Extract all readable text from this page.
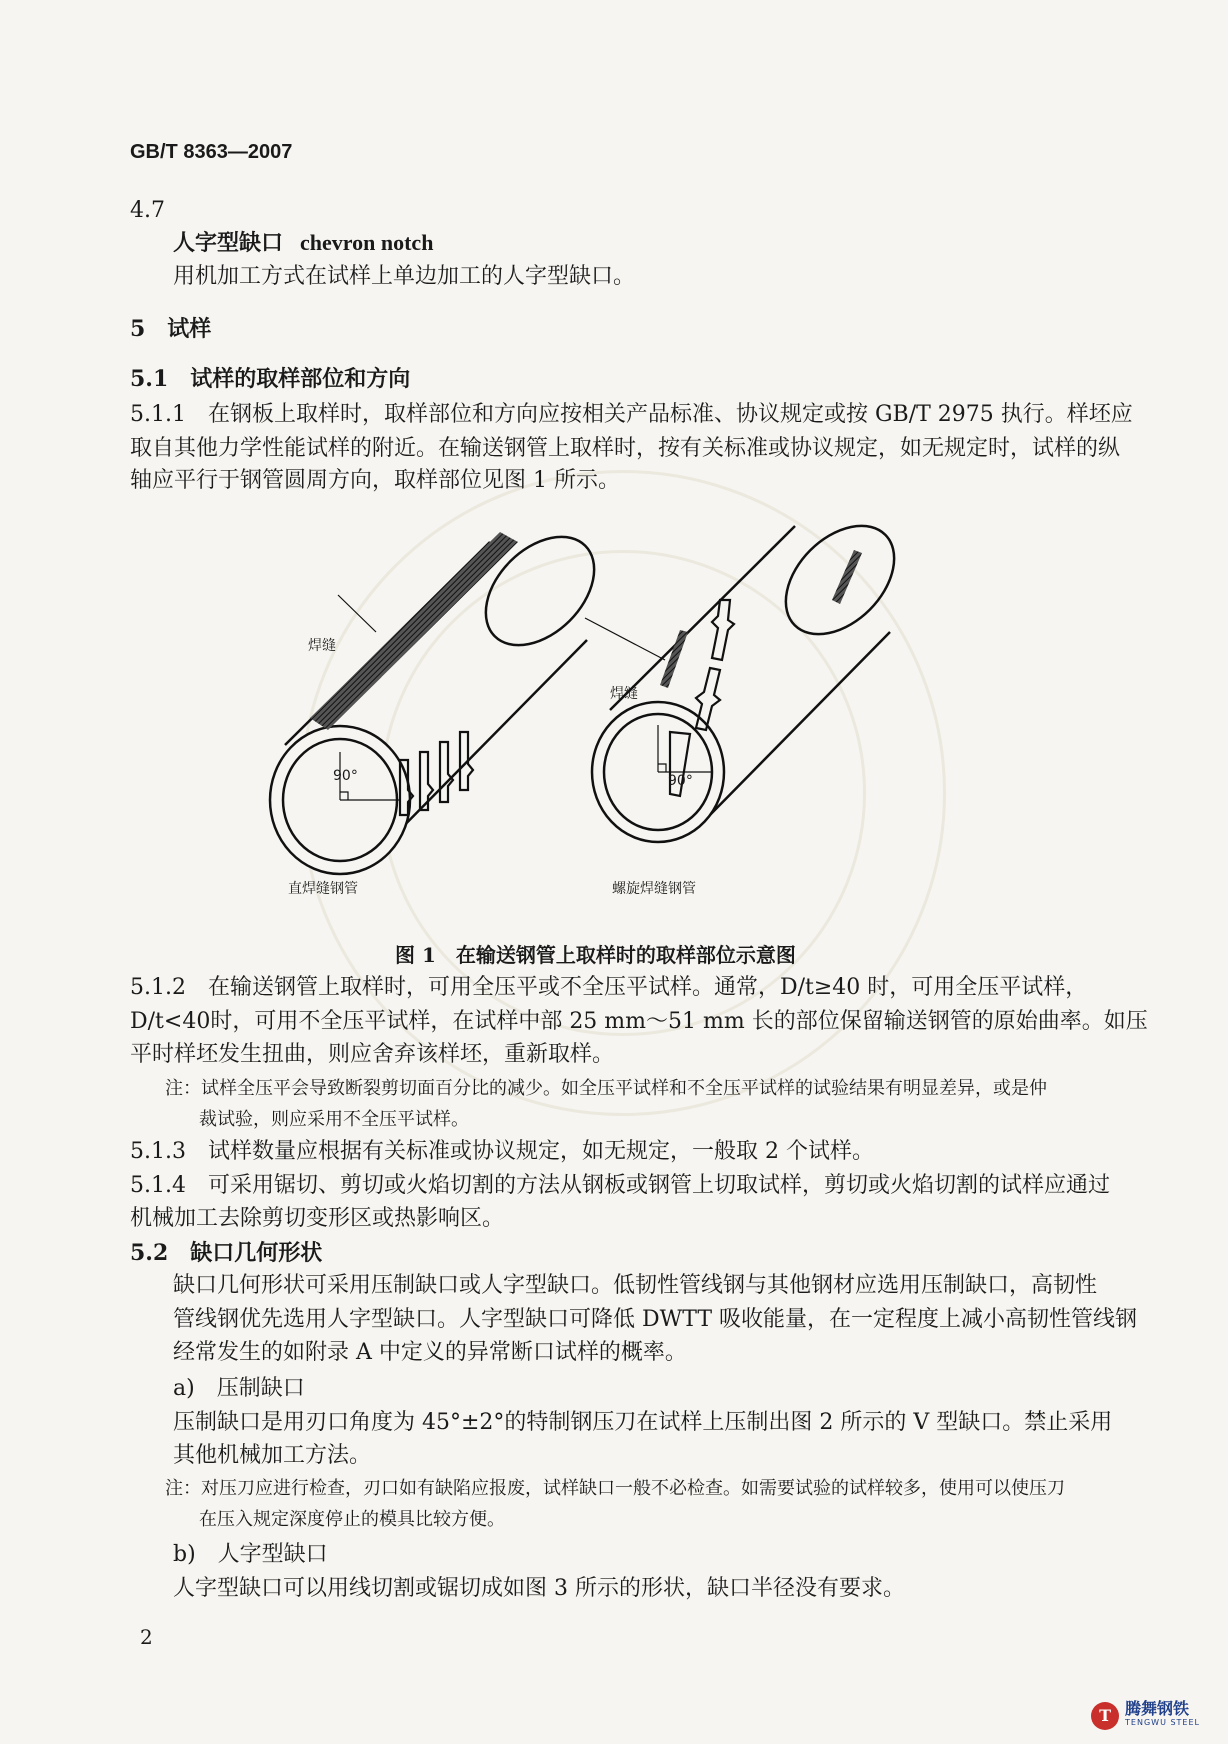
GB/T 8363—2007
4.7
人字型缺口 chevron notch
用机加工方式在试样上单边加工的人字型缺口。
5　试样
5.1　试样的取样部位和方向
5.1.1　在钢板上取样时，取样部位和方向应按相关产品标准、协议规定或按 GB/T 2975 执行。样坯应
取自其他力学性能试样的附近。在输送钢管上取样时，按有关标准或协议规定，如无规定时，试样的纵
轴应平行于钢管圆周方向，取样部位见图 1 所示。
焊缝
焊缝
90°	90°
直焊缝钢管	螺旋焊缝钢管
图 1　在输送钢管上取样时的取样部位示意图
5.1.2　在输送钢管上取样时，可用全压平或不全压平试样。通常，D/t≥40 时，可用全压平试样，
D/t<40时，可用不全压平试样，在试样中部 25 mm～51 mm 长的部位保留输送钢管的原始曲率。如压
平时样坯发生扭曲，则应舍弃该样坯，重新取样。
注：试样全压平会导致断裂剪切面百分比的减少。如全压平试样和不全压平试样的试验结果有明显差异，或是仲
裁试验，则应采用不全压平试样。
5.1.3　试样数量应根据有关标准或协议规定，如无规定，一般取 2 个试样。
5.1.4　可采用锯切、剪切或火焰切割的方法从钢板或钢管上切取试样，剪切或火焰切割的试样应通过
机械加工去除剪切变形区或热影响区。
5.2　缺口几何形状
缺口几何形状可采用压制缺口或人字型缺口。低韧性管线钢与其他钢材应选用压制缺口，高韧性
管线钢优先选用人字型缺口。人字型缺口可降低 DWTT 吸收能量，在一定程度上减小高韧性管线钢
经常发生的如附录 A 中定义的异常断口试样的概率。
a)　压制缺口
压制缺口是用刃口角度为 45°±2°的特制钢压刀在试样上压制出图 2 所示的 V 型缺口。禁止采用
其他机械加工方法。
注：对压刀应进行检查，刃口如有缺陷应报废，试样缺口一般不必检查。如需要试验的试样较多，使用可以使压刀
在压入规定深度停止的模具比较方便。
b)　人字型缺口
人字型缺口可以用线切割或锯切成如图 3 所示的形状，缺口半径没有要求。
2
T 腾舞钢铁
TENGWU STEEL
